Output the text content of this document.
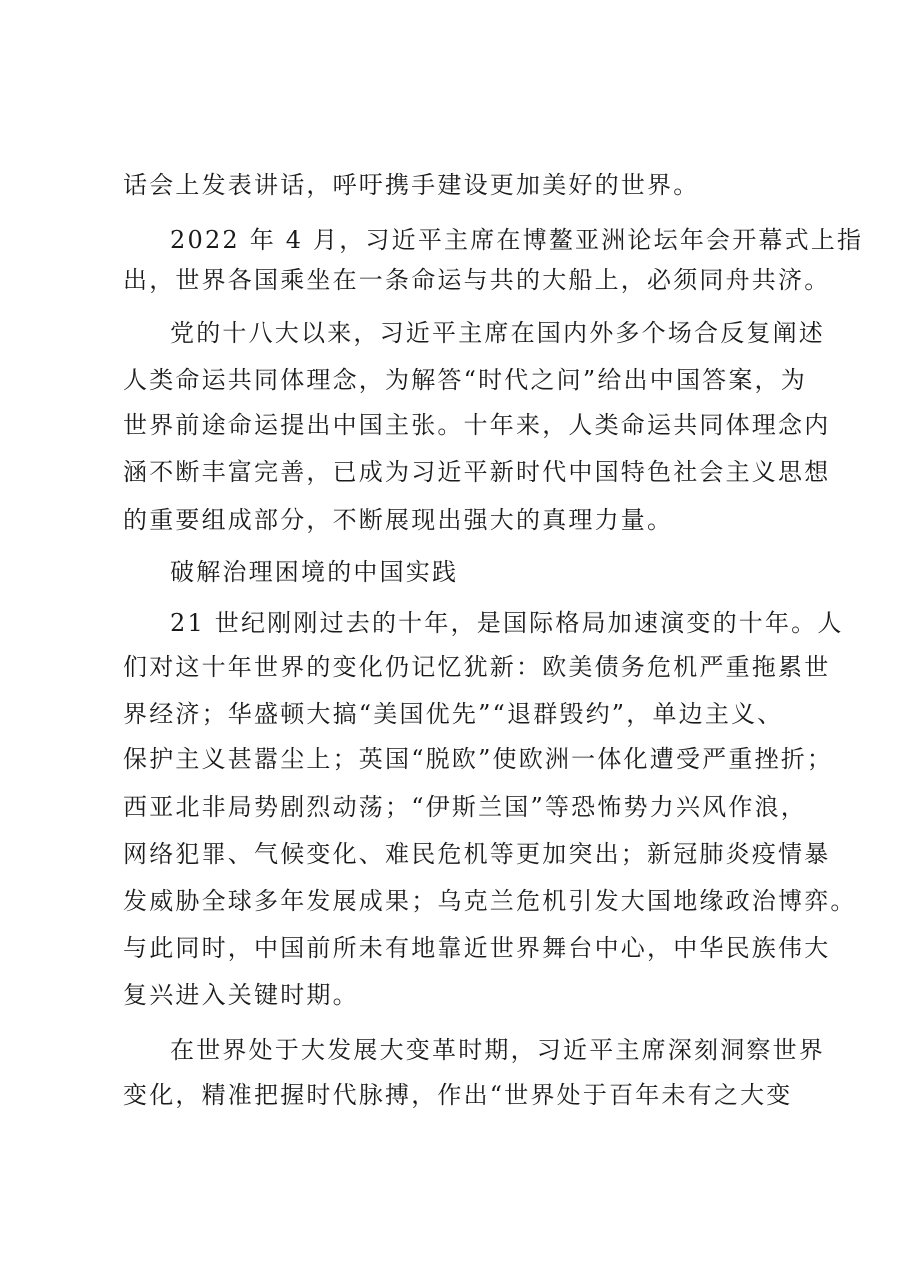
话会上发表讲话，呼吁携手建设更加美好的世界。

2022 年 4 月，习近平主席在博鳌亚洲论坛年会开幕式上指

出，世界各国乘坐在一条命运与共的大船上，必须同舟共济。

党的十八大以来，习近平主席在国内外多个场合反复阐述

人类命运共同体理念，为解答“时代之问”给出中国答案，为

世界前途命运提出中国主张。十年来，人类命运共同体理念内

涵不断丰富完善，已成为习近平新时代中国特色社会主义思想

的重要组成部分，不断展现出强大的真理力量。

破解治理困境的中国实践

21 世纪刚刚过去的十年，是国际格局加速演变的十年。人

们对这十年世界的变化仍记忆犹新：欧美债务危机严重拖累世

界经济；华盛顿大搞“美国优先”“退群毁约”，单边主义、

保护主义甚嚣尘上；英国“脱欧”使欧洲一体化遭受严重挫折；

西亚北非局势剧烈动荡；“伊斯兰国”等恐怖势力兴风作浪，

网络犯罪、气候变化、难民危机等更加突出；新冠肺炎疫情暴

发威胁全球多年发展成果；乌克兰危机引发大国地缘政治博弈。

与此同时，中国前所未有地靠近世界舞台中心，中华民族伟大

复兴进入关键时期。

在世界处于大发展大变革时期，习近平主席深刻洞察世界

变化，精准把握时代脉搏，作出“世界处于百年未有之大变
